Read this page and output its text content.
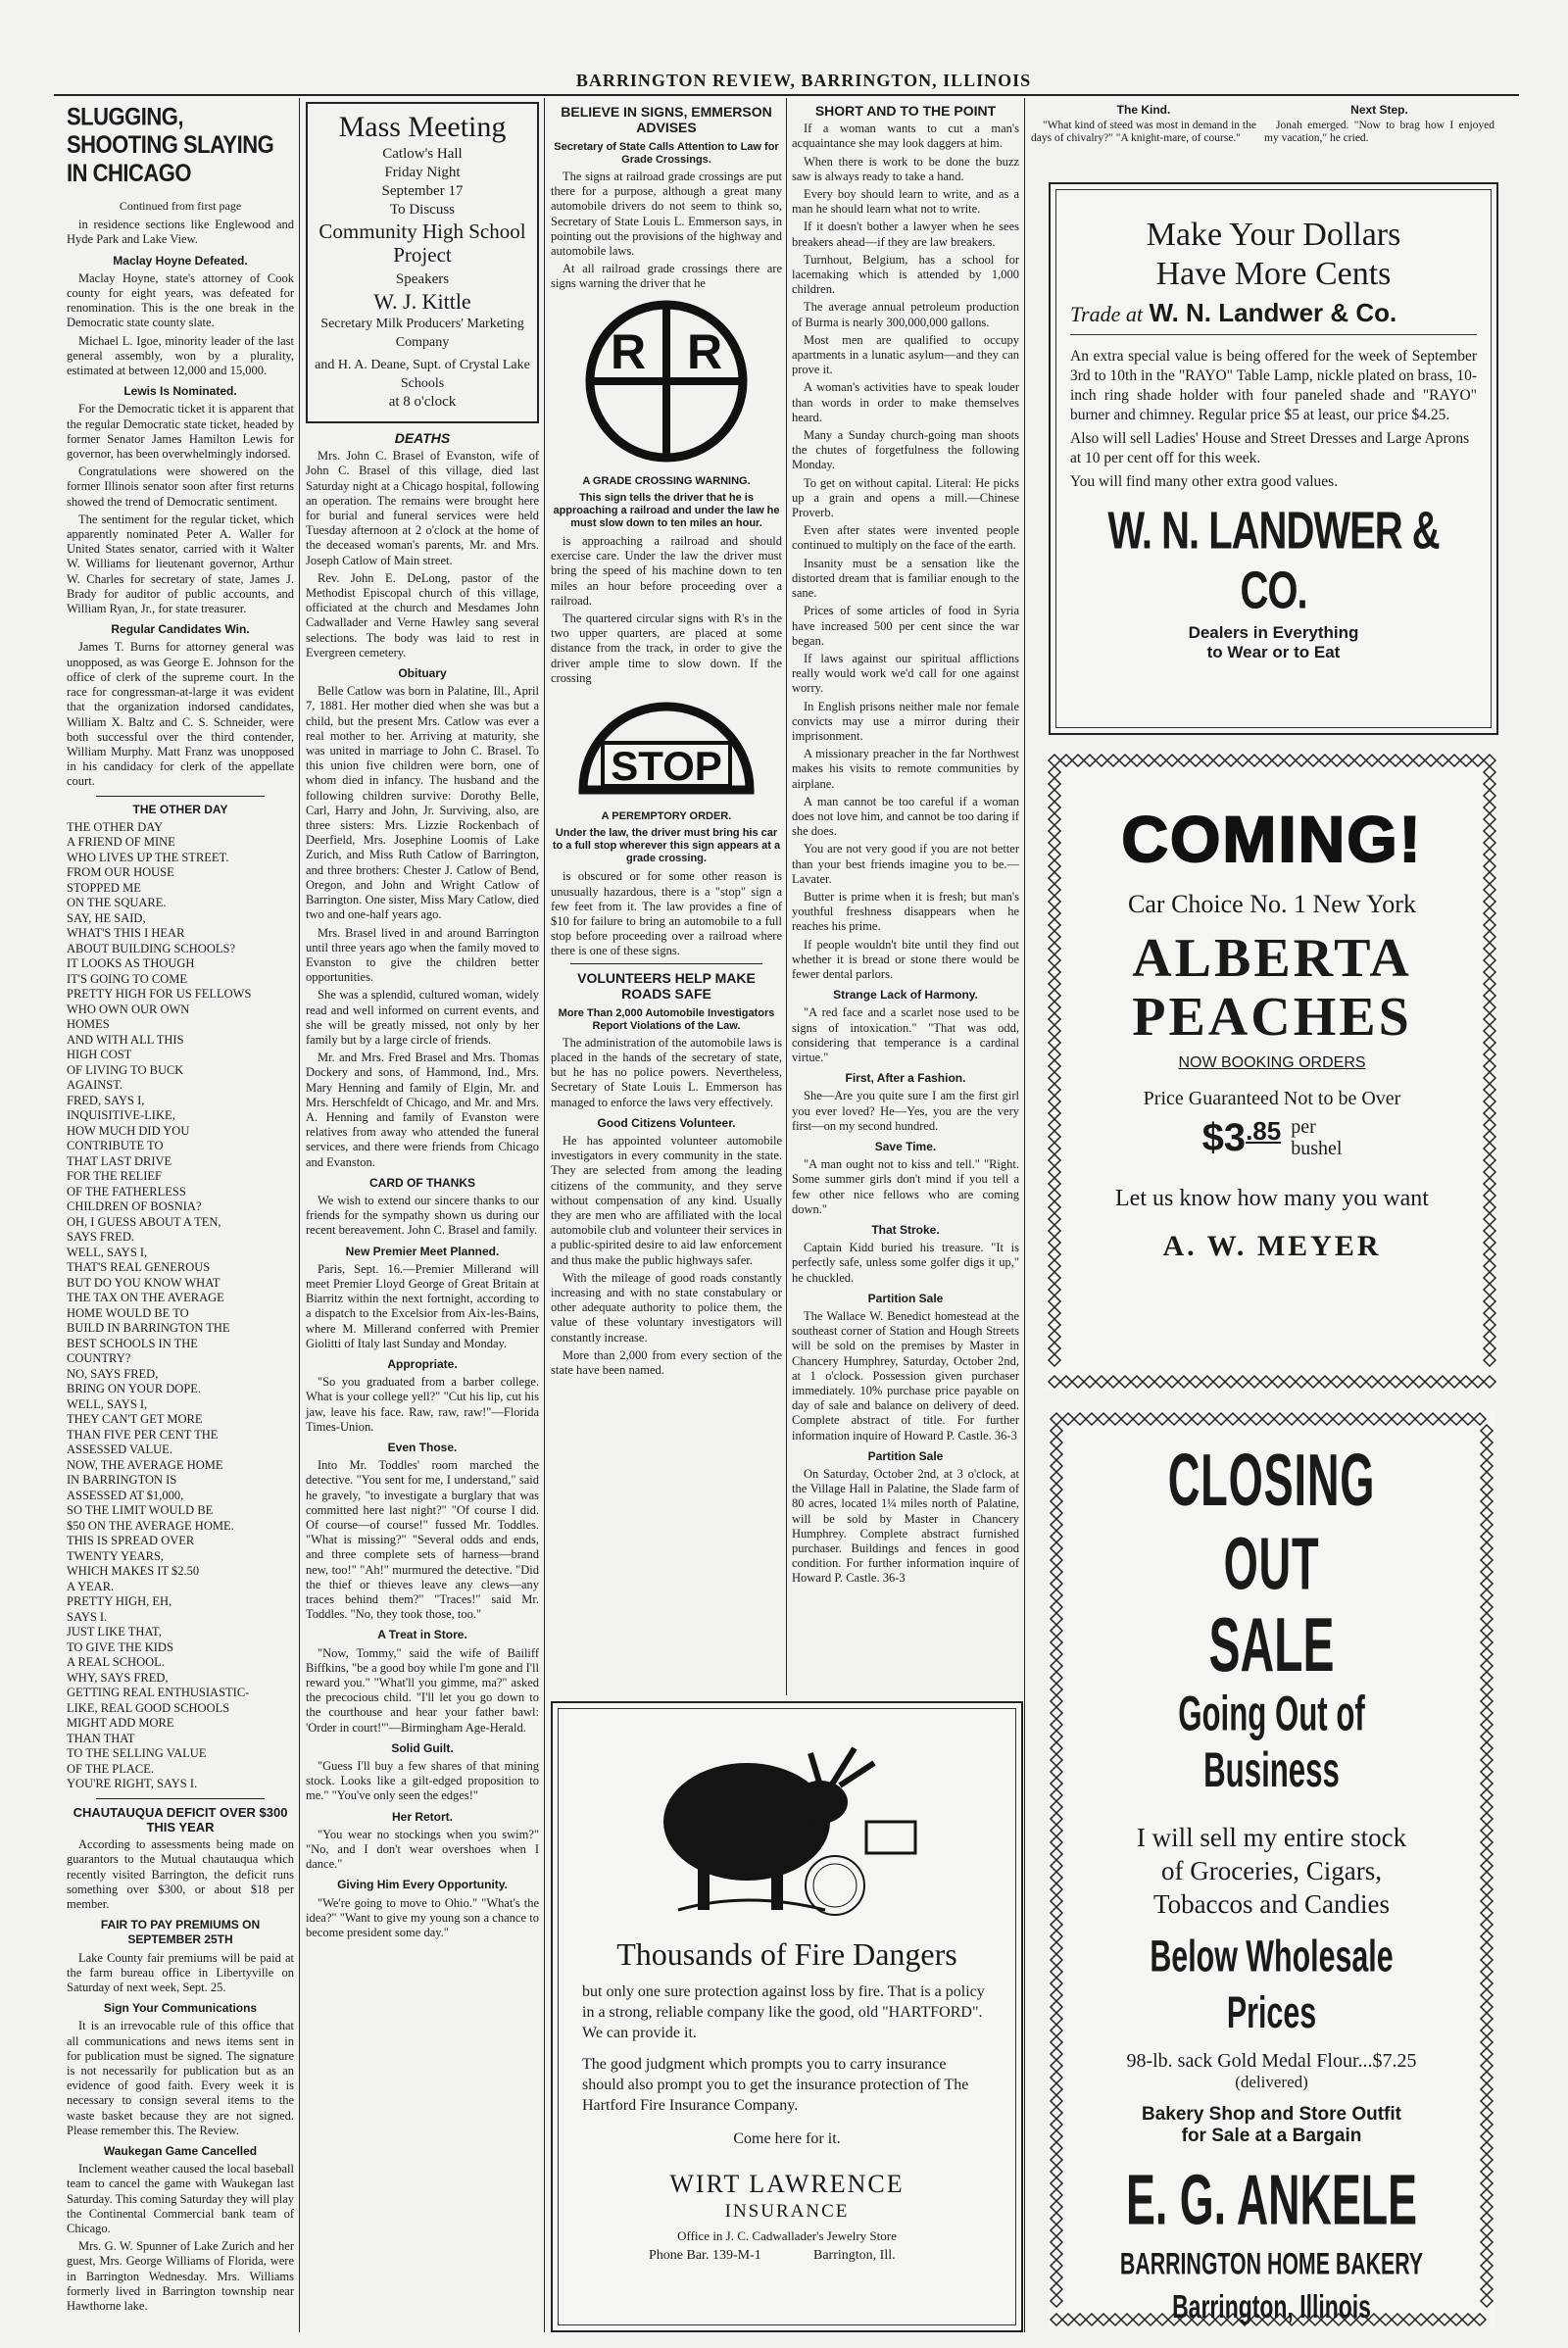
BARRINGTON REVIEW, BARRINGTON, ILLINOIS
SLUGGING, SHOOTING SLAYING IN CHICAGO
Continued from first page

in residence sections like Englewood and Hyde Park and Lake View.

Maclay Hoyne Defeated.

Maclay Hoyne, state's attorney of Cook county for eight years, was defeated for renomination. This is the one break in the Democratic state county slate.

Michael L. Igoe, minority leader of the last general assembly, won by a plurality, estimated at between 12,000 and 15,000.

Lewis Is Nominated.

For the Democratic ticket it is apparent that the regular Democratic state ticket, headed by former Senator James Hamilton Lewis for governor, has been overwhelmingly indorsed.

Congratulations were showered on the former Illinois senator soon after first returns showed the trend of Democratic sentiment.

The sentiment for the regular ticket, which apparently nominated Peter A. Waller for United States senator, carried with it Walter W. Williams for lieutenant governor, Arthur W. Charles for secretary of state, James J. Brady for auditor of public accounts, and William Ryan, Jr., for state treasurer.

Regular Candidates Win.

James T. Burns for attorney general was unopposed, as was George E. Johnson for the office of clerk of the supreme court. In the race for congressman-at-large it was evident that the organization indorsed candidates, William X. Baltz and C. S. Schneider, were both successful over the third contender, William Murphy. Matt Franz was unopposed in his candidacy for clerk of the appellate court.

THE OTHER DAY
THE OTHER DAY
A FRIEND OF MINE
WHO LIVES UP THE STREET.
FROM OUR HOUSE
STOPPED ME
ON THE SQUARE.
SAY, HE SAID,
WHAT'S THIS I HEAR
ABOUT BUILDING SCHOOLS?
IT LOOKS AS THOUGH
IT'S GOING TO COME
PRETTY HIGH FOR US FELLOWS
WHO OWN OUR OWN
HOMES
AND WITH ALL THIS
HIGH COST
OF LIVING TO BUCK
AGAINST.
FRED, SAYS I,
INQUISITIVE-LIKE,
HOW MUCH DID YOU
CONTRIBUTE TO
THAT LAST DRIVE
FOR THE RELIEF
OF THE FATHERLESS
CHILDREN OF BOSNIA?
OH, I GUESS ABOUT A TEN,
SAYS FRED.
WELL, SAYS I,
THAT'S REAL GENEROUS
BUT DO YOU KNOW WHAT
THE TAX ON THE AVERAGE
HOME WOULD BE TO
BUILD IN BARRINGTON THE
BEST SCHOOLS IN THE
COUNTRY?
NO, SAYS FRED,
BRING ON YOUR DOPE.
WELL, SAYS I,
THEY CAN'T GET MORE
THAN FIVE PER CENT THE
ASSESSED VALUE.
NOW, THE AVERAGE HOME
IN BARRINGTON IS
ASSESSED AT $1,000,
SO THE LIMIT WOULD BE
$50 ON THE AVERAGE HOME.
THIS IS SPREAD OVER
TWENTY YEARS,
WHICH MAKES IT $2.50
A YEAR.
PRETTY HIGH, EH,
SAYS I.
JUST LIKE THAT,
TO GIVE THE KIDS
A REAL SCHOOL.
WHY, SAYS FRED,
GETTING REAL ENTHUSIASTIC-
LIKE, REAL GOOD SCHOOLS
MIGHT ADD MORE
THAN THAT
TO THE SELLING VALUE
OF THE PLACE.
YOU'RE RIGHT, SAYS I.
CHAUTAUQUA DEFICIT OVER $300 THIS YEAR

According to assessments being made on guarantors to the Mutual chautauqua which recently visited Barrington, the deficit runs something over $300, or about $18 per member.

FAIR TO PAY PREMIUMS ON SEPTEMBER 25TH

Lake County fair premiums will be paid at the farm bureau office in Libertyville on Saturday of next week, Sept. 25.

Sign Your Communications

It is an irrevocable rule of this office that all communications and news items sent in for publication must be signed. The signature is not necessarily for publication but as an evidence of good faith. Every week it is necessary to consign several items to the waste basket because they are not signed. Please remember this. The Review.

Waukegan Game Cancelled

Inclement weather caused the local baseball team to cancel the game with Waukegan last Saturday. This coming Saturday they will play the Continental Commercial bank team of Chicago.

Mrs. G. W. Spunner of Lake Zurich and her guest, Mrs. George Williams of Florida, were in Barrington Wednesday. Mrs. Williams formerly lived in Barrington township near Hawthorne lake.

Mass Meeting
Catlow's Hall
Friday Night
September 17
To Discuss
Community High School Project
Speakers
W. J. Kittle
Secretary Milk Producers' Marketing Company
and H. A. Deane, Supt. of Crystal Lake Schools
at 8 o'clock
DEATHS

Mrs. John C. Brasel of Evanston, wife of John C. Brasel of this village, died last Saturday night at a Chicago hospital, following an operation. The remains were brought here for burial and funeral services were held Tuesday afternoon at 2 o'clock at the home of the deceased woman's parents, Mr. and Mrs. Joseph Catlow of Main street.

Rev. John E. DeLong, pastor of the Methodist Episcopal church of this village, officiated at the church and Mesdames John Cadwallader and Verne Hawley sang several selections. The body was laid to rest in Evergreen cemetery.

Obituary

Belle Catlow was born in Palatine, Ill., April 7, 1881. Her mother died when she was but a child, but the present Mrs. Catlow was ever a real mother to her. Arriving at maturity, she was united in marriage to John C. Brasel. To this union five children were born, one of whom died in infancy. The husband and the following children survive: Dorothy Belle, Carl, Harry and John, Jr. Surviving, also, are three sisters: Mrs. Lizzie Rockenbach of Deerfield, Mrs. Josephine Loomis of Lake Zurich, and Miss Ruth Catlow of Barrington, and three brothers: Chester J. Catlow of Bend, Oregon, and John and Wright Catlow of Barrington. One sister, Miss Mary Catlow, died two and one-half years ago.

Mrs. Brasel lived in and around Barrington until three years ago when the family moved to Evanston to give the children better opportunities.

She was a splendid, cultured woman, widely read and well informed on current events, and she will be greatly missed, not only by her family but by a large circle of friends.

Mr. and Mrs. Fred Brasel and Mrs. Thomas Dockery and sons, of Hammond, Ind., Mrs. Mary Henning and family of Elgin, Mr. and Mrs. Herschfeldt of Chicago, and Mr. and Mrs. A. Henning and family of Evanston were relatives from away who attended the funeral services, and there were friends from Chicago and Evanston.

CARD OF THANKS

We wish to extend our sincere thanks to our friends for the sympathy shown us during our recent bereavement. John C. Brasel and family.

New Premier Meet Planned.

Paris, Sept. 16.—Premier Millerand will meet Premier Lloyd George of Great Britain at Biarritz within the next fortnight, according to a dispatch to the Excelsior from Aix-les-Bains, where M. Millerand conferred with Premier Giolitti of Italy last Sunday and Monday.

Appropriate.

"So you graduated from a barber college. What is your college yell?" "Cut his lip, cut his jaw, leave his face. Raw, raw, raw!"—Florida Times-Union.

Even Those.

Into Mr. Toddles' room marched the detective. "You sent for me, I understand," said he gravely, "to investigate a burglary that was committed here last night?" "Of course I did. Of course—of course!" fussed Mr. Toddles. "What is missing?" "Several odds and ends, and three complete sets of harness—brand new, too!" "Ah!" murmured the detective. "Did the thief or thieves leave any clews—any traces behind them?" "Traces!" said Mr. Toddles. "No, they took those, too."

A Treat in Store.

"Now, Tommy," said the wife of Bailiff Biffkins, "be a good boy while I'm gone and I'll reward you." "What'll you gimme, ma?" asked the precocious child. "I'll let you go down to the courthouse and hear your father bawl: 'Order in court!'"—Birmingham Age-Herald.

Solid Guilt.

"Guess I'll buy a few shares of that mining stock. Looks like a gilt-edged proposition to me." "You've only seen the edges!"

Her Retort.

"You wear no stockings when you swim?" "No, and I don't wear overshoes when I dance."

Giving Him Every Opportunity.

"We're going to move to Ohio." "What's the idea?" "Want to give my young son a chance to become president some day."

BELIEVE IN SIGNS, EMMERSON ADVISES
Secretary of State Calls Attention to Law for Grade Crossings.

The signs at railroad grade crossings are put there for a purpose, although a great many automobile drivers do not seem to think so, Secretary of State Louis L. Emmerson says, in pointing out the provisions of the highway and automobile laws.

At all railroad grade crossings there are signs warning the driver that he

R R
A GRADE CROSSING WARNING.
This sign tells the driver that he is approaching a railroad and under the law he must slow down to ten miles an hour.

is approaching a railroad and should exercise care. Under the law the driver must bring the speed of his machine down to ten miles an hour before proceeding over a railroad.

The quartered circular signs with R's in the two upper quarters, are placed at some distance from the track, in order to give the driver ample time to slow down. If the crossing

STOP
A PEREMPTORY ORDER.
Under the law, the driver must bring his car to a full stop wherever this sign appears at a grade crossing.

is obscured or for some other reason is unusually hazardous, there is a "stop" sign a few feet from it. The law provides a fine of $10 for failure to bring an automobile to a full stop before proceeding over a railroad where there is one of these signs.

VOLUNTEERS HELP MAKE ROADS SAFE
More Than 2,000 Automobile Investigators Report Violations of the Law.

The administration of the automobile laws is placed in the hands of the secretary of state, but he has no police powers. Nevertheless, Secretary of State Louis L. Emmerson has managed to enforce the laws very effectively.

Good Citizens Volunteer.

He has appointed volunteer automobile investigators in every community in the state. They are selected from among the leading citizens of the community, and they serve without compensation of any kind. Usually they are men who are affiliated with the local automobile club and volunteer their services in a public-spirited desire to aid law enforcement and thus make the public highways safer.

With the mileage of good roads constantly increasing and with no state constabulary or other adequate authority to police them, the value of these voluntary investigators will constantly increase.

More than 2,000 from every section of the state have been named.

SHORT AND TO THE POINT

If a woman wants to cut a man's acquaintance she may look daggers at him.

When there is work to be done the buzz saw is always ready to take a hand.

Every boy should learn to write, and as a man he should learn what not to write.

If it doesn't bother a lawyer when he sees breakers ahead—if they are law breakers.

Turnhout, Belgium, has a school for lacemaking which is attended by 1,000 children.

The average annual petroleum production of Burma is nearly 300,000,000 gallons.

Most men are qualified to occupy apartments in a lunatic asylum—and they can prove it.

A woman's activities have to speak louder than words in order to make themselves heard.

Many a Sunday church-going man shoots the chutes of forgetfulness the following Monday.

To get on without capital. Literal: He picks up a grain and opens a mill.—Chinese Proverb.

Even after states were invented people continued to multiply on the face of the earth.

Insanity must be a sensation like the distorted dream that is familiar enough to the sane.

Prices of some articles of food in Syria have increased 500 per cent since the war began.

If laws against our spiritual afflictions really would work we'd call for one against worry.

In English prisons neither male nor female convicts may use a mirror during their imprisonment.

A missionary preacher in the far Northwest makes his visits to remote communities by airplane.

A man cannot be too careful if a woman does not love him, and cannot be too daring if she does.

You are not very good if you are not better than your best friends imagine you to be.—Lavater.

Butter is prime when it is fresh; but man's youthful freshness disappears when he reaches his prime.

If people wouldn't bite until they find out whether it is bread or stone there would be fewer dental parlors.

Strange Lack of Harmony.

"A red face and a scarlet nose used to be signs of intoxication." "That was odd, considering that temperance is a cardinal virtue."

First, After a Fashion.

She—Are you quite sure I am the first girl you ever loved? He—Yes, you are the very first—on my second hundred.

Save Time.

"A man ought not to kiss and tell." "Right. Some summer girls don't mind if you tell a few other nice fellows who are coming down."

That Stroke.

Captain Kidd buried his treasure. "It is perfectly safe, unless some golfer digs it up," he chuckled.

Partition Sale

The Wallace W. Benedict homestead at the southeast corner of Station and Hough Streets will be sold on the premises by Master in Chancery Humphrey, Saturday, October 2nd, at 1 o'clock. Possession given purchaser immediately. 10% purchase price payable on day of sale and balance on delivery of deed. Complete abstract of title. For further information inquire of Howard P. Castle. 36-3

Partition Sale

On Saturday, October 2nd, at 3 o'clock, at the Village Hall in Palatine, the Slade farm of 80 acres, located 1¼ miles north of Palatine, will be sold by Master in Chancery Humphrey. Complete abstract furnished purchaser. Buildings and fences in good condition. For further information inquire of Howard P. Castle. 36-3

The Kind.

"What kind of steed was most in demand in the days of chivalry?" "A knight-mare, of course."

Next Step.

Jonah emerged. "Now to brag how I enjoyed my vacation," he cried.

Make Your Dollars
Have More Cents
Trade at W. N. Landwer & Co.
An extra special value is being offered for the week of September 3rd to 10th in the "RAYO" Table Lamp, nickle plated on brass, 10-inch ring shade holder with four paneled shade and "RAYO" burner and chimney. Regular price $5 at least, our price $4.25.
Also will sell Ladies' House and Street Dresses and Large Aprons at 10 per cent off for this week.
You will find many other extra good values.
W. N. LANDWER & CO.
Dealers in Everything
to Wear or to Eat
COMING!
Car Choice No. 1 New York
ALBERTA
PEACHES
NOW BOOKING ORDERS
Price Guaranteed Not to be Over
$3.85 per
bushel
Let us know how many you want
A. W. MEYER
CLOSING OUT
SALE
Going Out of Business
I will sell my entire stock
of Groceries, Cigars,
Tobaccos and Candies
Below Wholesale Prices
98-lb. sack Gold Medal Flour...$7.25
(delivered)
Bakery Shop and Store Outfit
for Sale at a Bargain
E. G. ANKELE
BARRINGTON HOME BAKERY
Barrington, Illinois
Thousands of Fire Dangers
but only one sure protection against loss by fire. That is a policy in a strong, reliable company like the good, old "HARTFORD". We can provide it.
The good judgment which prompts you to carry insurance should also prompt you to get the insurance protection of The Hartford Fire Insurance Company.
Come here for it.
WIRT LAWRENCE
INSURANCE
Office in J. C. Cadwallader's Jewelry Store
Phone Bar. 139-M-1	Barrington, Ill.
